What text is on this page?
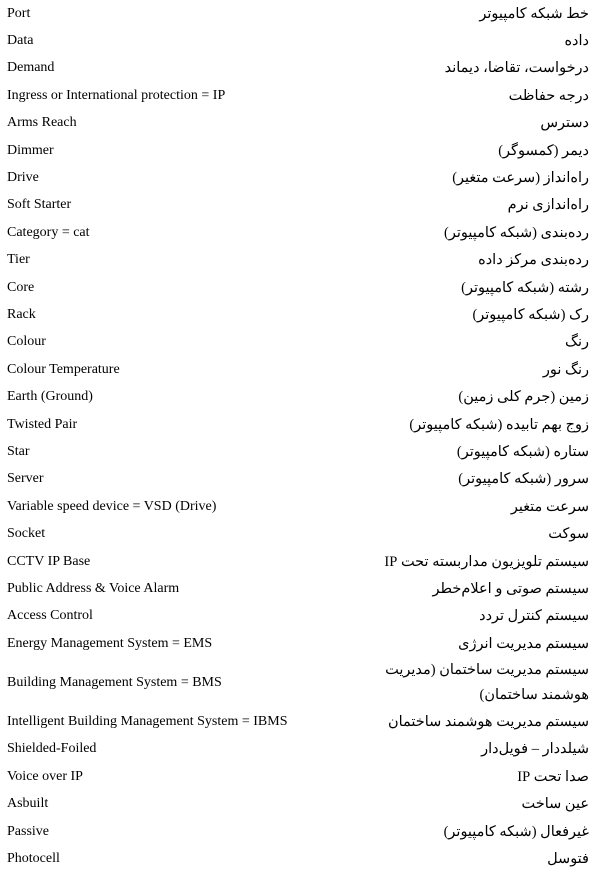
Port	خط شبکه کامپیوتر
Data	داده
Demand	درخواست، تقاضا، دیماند
Ingress or International protection = IP	درجه حفاظت
Arms Reach	دسترس
Dimmer	دیمر (کمسوگر)
Drive	راه‌انداز (سرعت متغیر)
Soft Starter	راه‌اندازی نرم
Category = cat	رده‌بندی (شبکه کامپیوتر)
Tier	رده‌بندی مرکز داده
Core	رشته (شبکه کامپیوتر)
Rack	رک (شبکه کامپیوتر)
Colour	رنگ
Colour Temperature	رنگ نور
Earth (Ground)	زمین (جرم کلی زمین)
Twisted Pair	زوج بهم تابیده (شبکه کامپیوتر)
Star	ستاره (شبکه کامپیوتر)
Server	سرور (شبکه کامپیوتر)
Variable speed device = VSD (Drive)	سرعت متغیر
Socket	سوکت
CCTV IP Base	سیستم تلویزیون مداربسته تحت IP
Public Address & Voice Alarm	سیستم صوتی و اعلام‌خطر
Access Control	سیستم کنترل تردد
Energy Management System = EMS	سیستم مدیریت انرژی
Building Management System = BMS	سیستم مدیریت ساختمان (مدیریت هوشمند ساختمان)
Intelligent Building Management System = IBMS	سیستم مدیریت هوشمند ساختمان
Shielded-Foiled	شیلددار – فویل‌دار
Voice over IP	صدا تحت IP
Asbuilt	عین ساخت
Passive	غیرفعال (شبکه کامپیوتر)
Photocell	فتوسل
